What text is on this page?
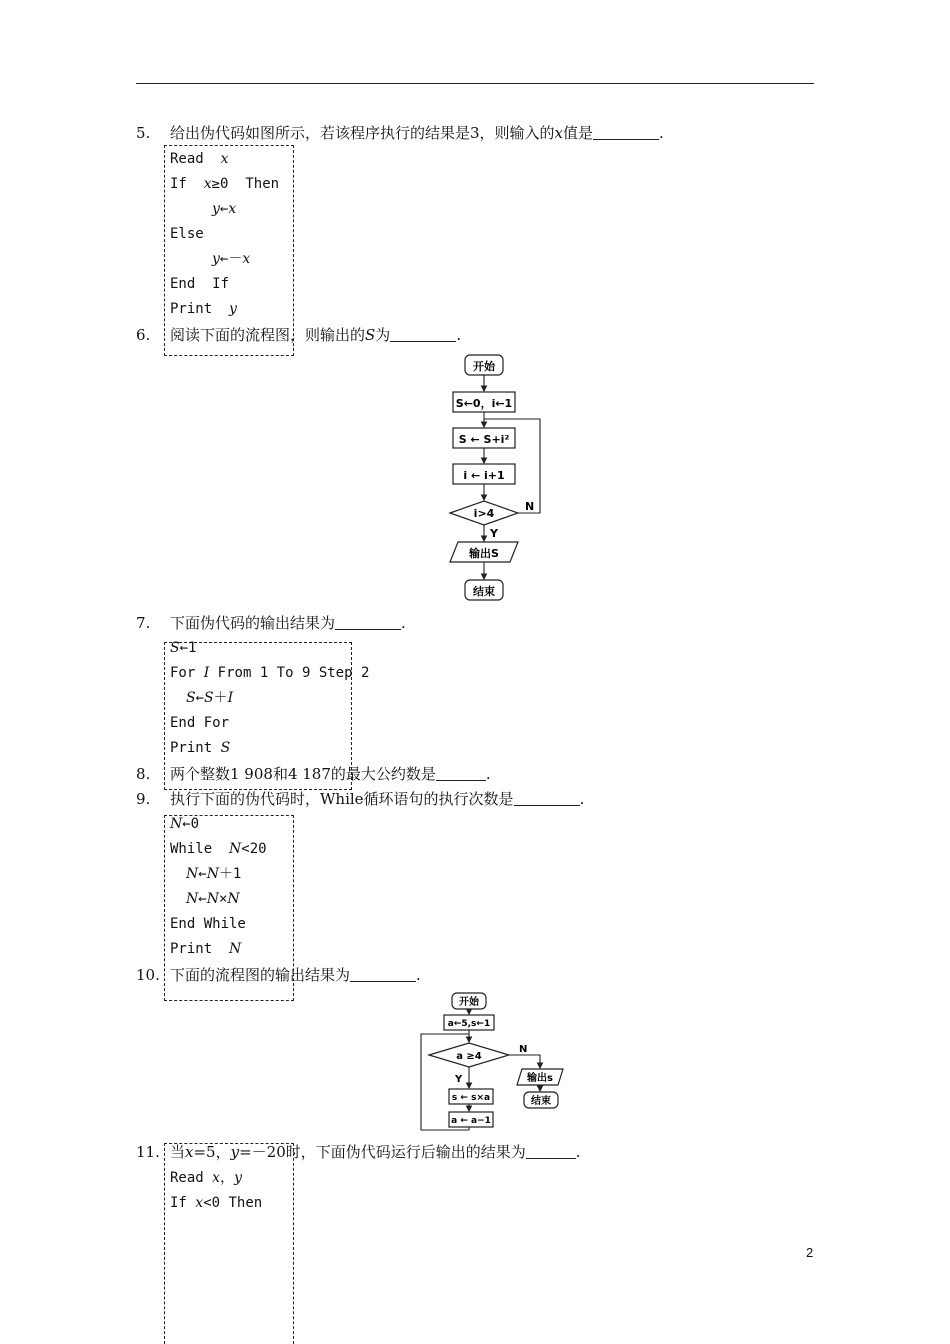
5. 给出伪代码如图所示，若该程序执行的结果是3，则输入的x值是	.
Read  x
If  x≥0  Then
y←x
Else
y←－x
End  If
Print  y
6. 阅读下面的流程图，则输出的S为	.
开始
S←0，i←1
S ← S+i²
i ← i+1
i>4
Y
N
输出S
结束
7. 下面伪代码的输出结果为	.
S←1
For I From 1 To 9 Step 2
S←S＋I
End For
Print S
8. 两个整数1 908和4 187的最大公约数是	.
9. 执行下面的伪代码时，While循环语句的执行次数是	.
N←0
While  N<20
N←N＋1
N←N×N
End While
Print  N
10. 下面的流程图的输出结果为	.
开始
a←5,s←1
a ≥4
Y
N
s ← s×a
a ← a−1
输出s
结束
11. 当x=5，y=－20时，下面伪代码运行后输出的结果为	.
Read x，y
If x<0 Then
2
